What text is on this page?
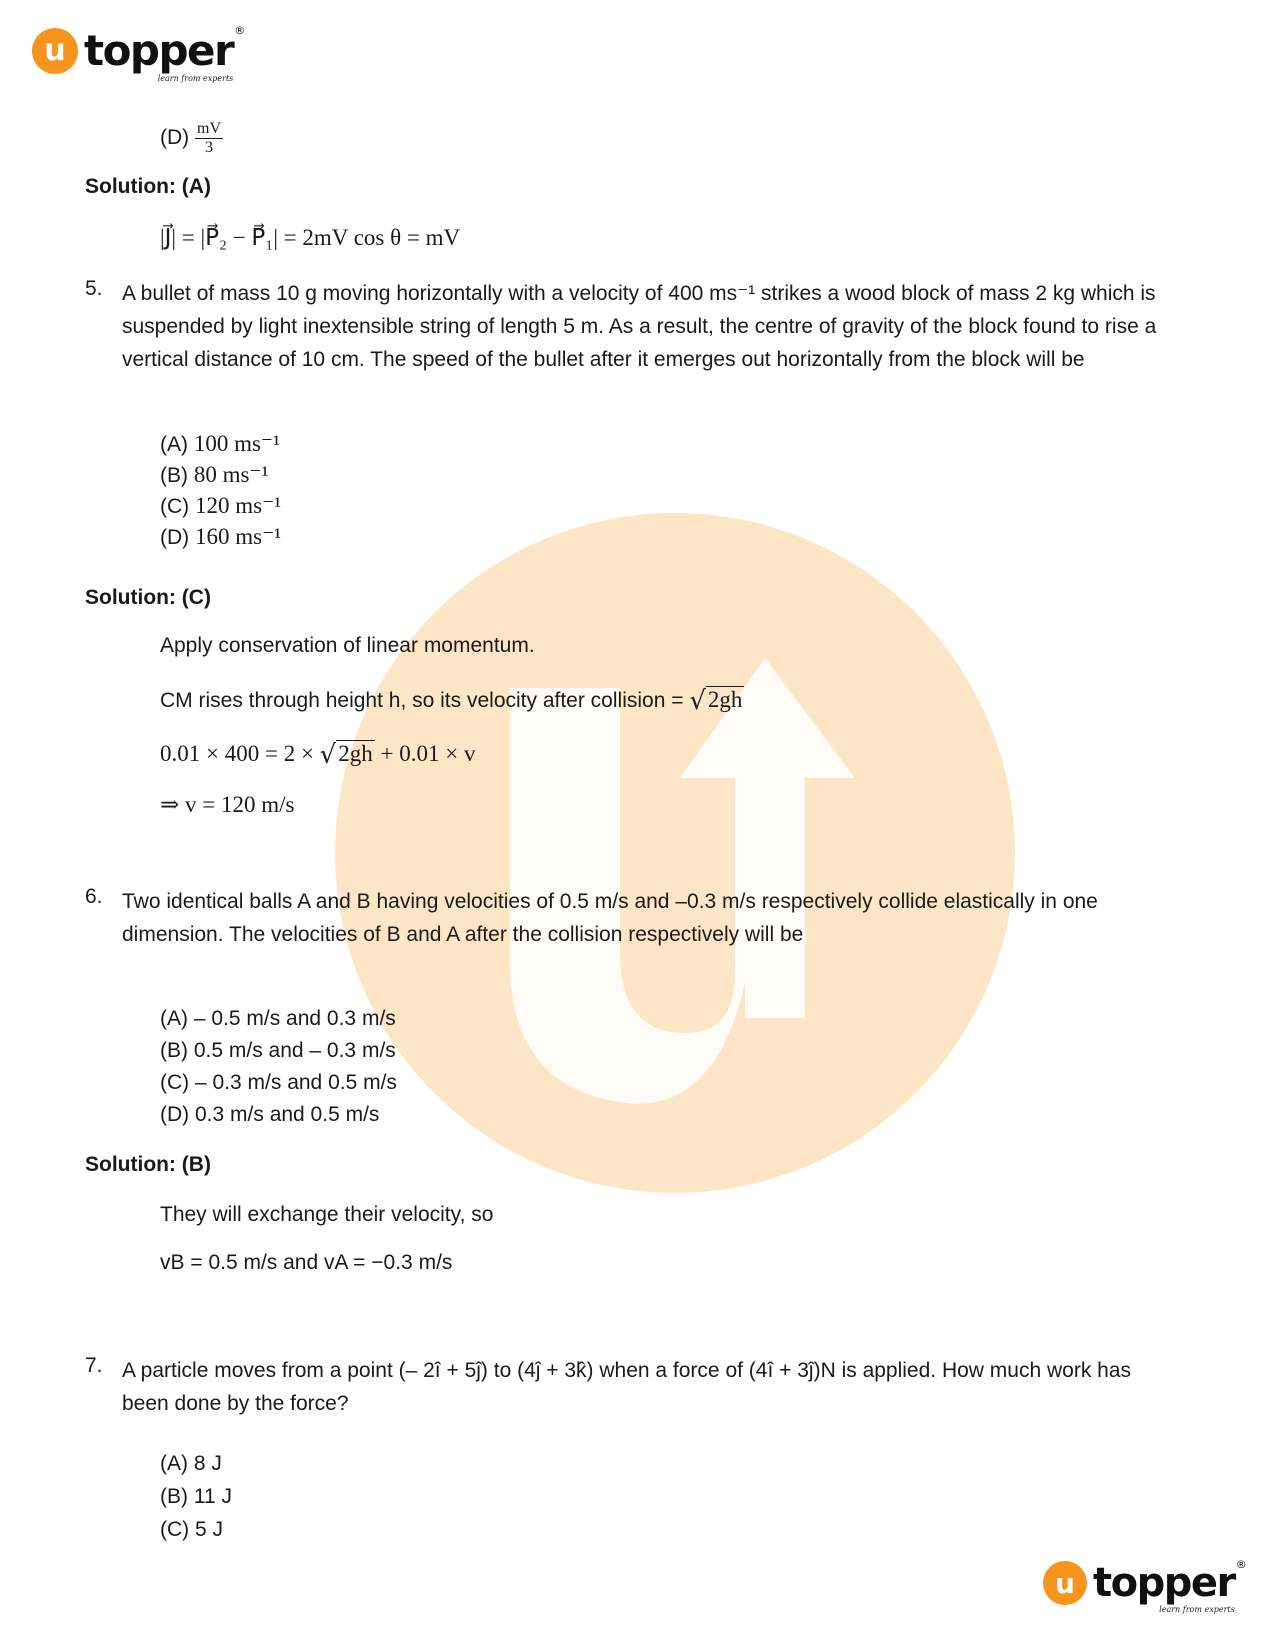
u topper ®
learn from experts
$(D) \frac{mV}{3}$
Solution: (A)
|J⃗| = |P⃗₂ − P⃗₁| = 2mV cos θ = mV
5. A bullet of mass 10 g moving horizontally with a velocity of 400 ms⁻¹ strikes a wood block of mass 2 kg which is suspended by light inextensible string of length 5 m. As a result, the centre of gravity of the block found to rise a vertical distance of 10 cm. The speed of the bullet after it emerges out horizontally from the block will be
(A) 100 ms⁻¹
(B) 80 ms⁻¹
(C) 120 ms⁻¹
(D) 160 ms⁻¹
Solution: (C)
Apply conservation of linear momentum.
CM rises through height h, so its velocity after collision = √2gh
0.01 × 400 = 2 × √2gh + 0.01 × v
⇒ v = 120 m/s
6. Two identical balls A and B having velocities of 0.5 m/s and –0.3 m/s respectively collide elastically in one dimension. The velocities of B and A after the collision respectively will be
(A) – 0.5 m/s and 0.3 m/s
(B) 0.5 m/s and – 0.3 m/s
(C) – 0.3 m/s and 0.5 m/s
(D) 0.3 m/s and 0.5 m/s
Solution: (B)
They will exchange their velocity, so
vB = 0.5 m/s and vA = −0.3 m/s
7. A particle moves from a point (– 2î + 5ĵ) to (4ĵ + 3k̂) when a force of (4î + 3ĵ)N is applied. How much work has been done by the force?
(A) 8 J
(B) 11 J
(C) 5 J
u topper ®
learn from experts
